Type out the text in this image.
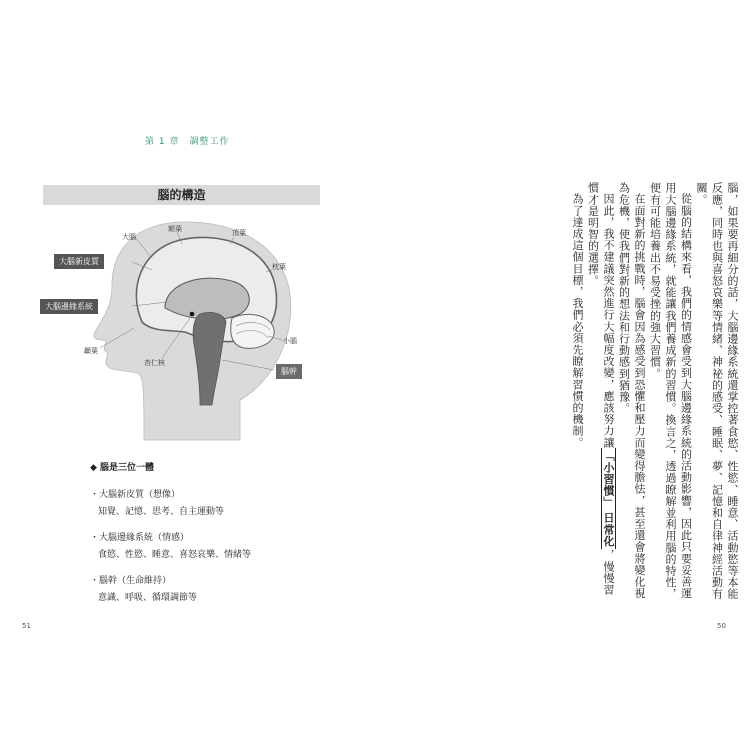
第 1 章　調整工作
腦的構造
大腦
額葉	頂葉
枕葉
顳葉
杏仁核
小腦
大腦新皮質
大腦邊緣系統
腦幹
◆ 腦是三位一體
・大腦新皮質（想像）
知覺、記憶、思考、自主運動等
・大腦邊緣系統（情感）
食慾、性慾、睡意、喜怒哀樂、情緒等
・腦幹（生命維持）
意識、呼吸、循環調節等
51

腦，如果要再細分的話，大腦邊緣系統還掌控著食慾、性慾、睡意、活動慾等本能反應，同時也與喜怒哀樂等情緒、神祕的感受、睡眠、夢、記憶和自律神經活動有關。

從腦的結構來看，我們的情感會受到大腦邊緣系統的活動影響，因此只要妥善運用大腦邊緣系統，就能讓我們養成新的習慣。換言之，透過瞭解並利用腦的特性，便有可能培養出不易受挫的強大習慣。

在面對新的挑戰時，腦會因為感受到恐懼和壓力而變得膽怯，甚至還會將變化視為危機，使我們對新的想法和行動感到猶豫。

因此，我不建議突然進行大幅度改變，應該努力讓「小習慣」日常化，慢慢習慣才是明智的選擇。

為了達成這個目標，我們必須先瞭解習慣的機制。

50
